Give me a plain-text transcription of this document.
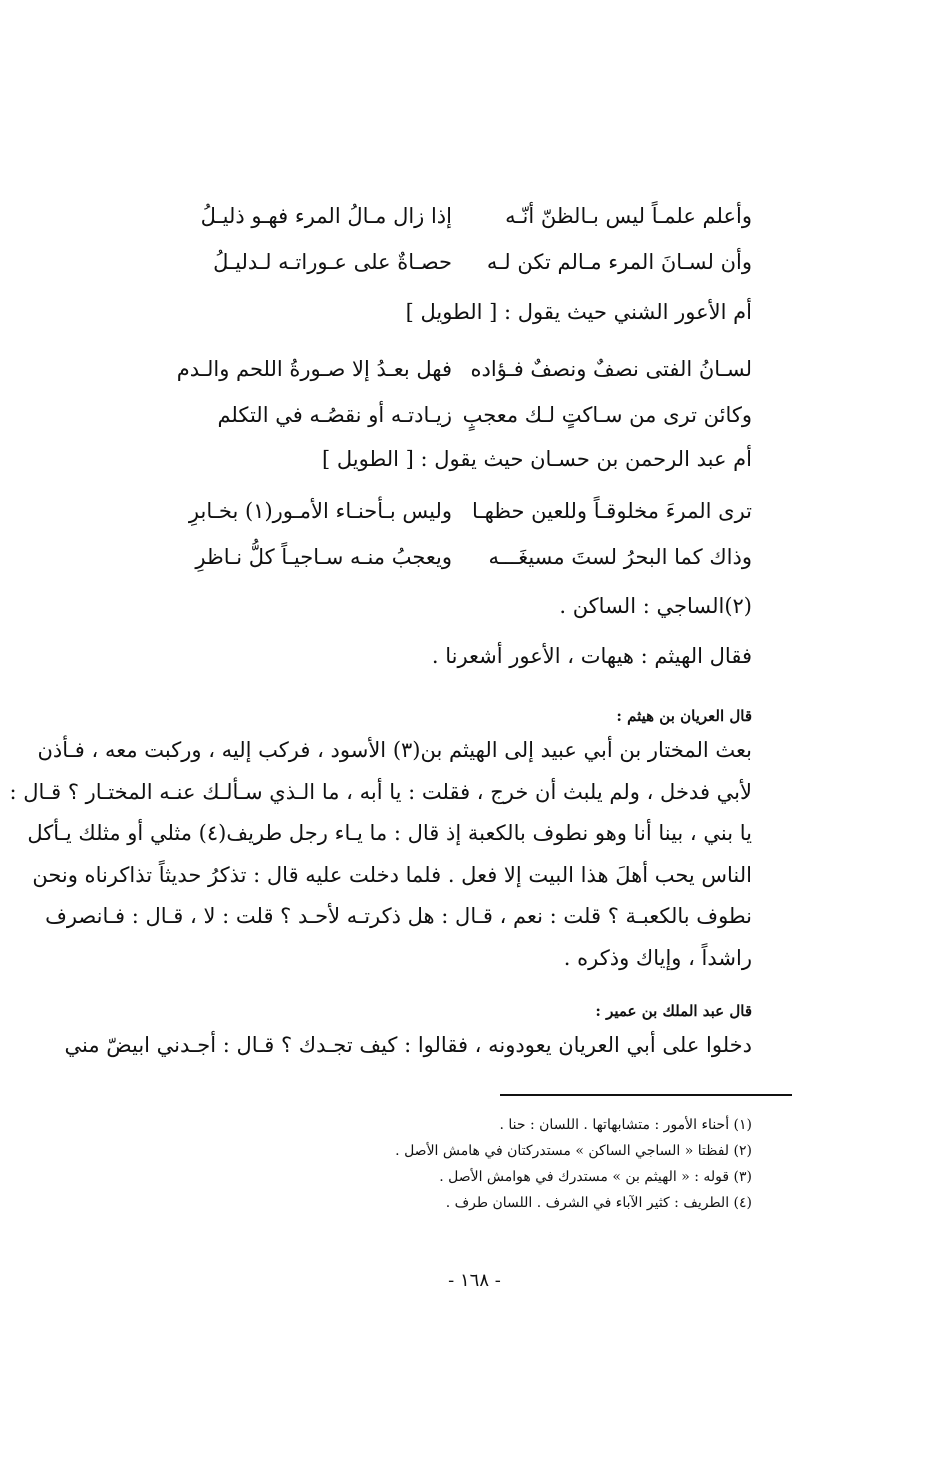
وأعلم علمـاً ليس بـالظنّ أنّـه
إذا زال مـالُ المرء فهـو ذليـلُ
وأن لسـانَ المرء مـالم تكن لـه
حصـاةٌ على عـوراتـه لـدليـلُ
أم الأعور الشني حيث يقول : [ الطويل ]
لسـانُ الفتى نصفٌ ونصفٌ فـؤاده
فهل بعـدُ إلا صـورةُ اللحم والـدم
وكائن ترى من سـاكتٍ لـك معجبٍ
زيـادتـه أو نقصُـه في التكلم
أم عبد الرحمن بن حسـان حيث يقول : [ الطويل ]
ترى المرءَ مخلوقـاً وللعين حظهـا
وليس بـأحنـاء الأمـور(١) بخـابرِ
وذاك كما البحرُ لستَ مسيغَـــه
ويعجبُ منـه سـاجيـاً كلُّ نـاظرِ
(٢)الساجي : الساكن .
فقال الهيثم : هيهات ، الأعور أشعرنا .
قال العريان بن هيثم :
بعث المختار بن أبي عبيد إلى الهيثم بن(٣) الأسود ، فركب إليه ، وركبت معه ، فـأذن
لأبي فدخل ، ولم يلبث أن خرج ، فقلت : يا أبه ، ما الـذي سـألـك عنـه المختـار ؟ قـال :
يا بني ، بينا أنا وهو نطوف بالكعبة إذ قال : ما يـاء رجل طريف(٤) مثلي أو مثلك يـأكل
الناس يحب أهلَ هذا البيت إلا فعل . فلما دخلت عليه قال : تذكرُ حديثاً تذاكرناه ونحن
نطوف بالكعبـة ؟ قلت : نعم ، قـال : هل ذكرتـه لأحـد ؟ قلت : لا ، قـال : فـانصرف
راشداً ، وإياك وذكره .
قال عبد الملك بن عمير :
دخلوا على أبي العريان يعودونه ، فقالوا : كيف تجـدك ؟ قـال : أجـدني ابيضّ مني
(١) أحناء الأمور : متشابهاتها . اللسان : حنا .
(٢) لفظتا « الساجي الساكن » مستدركتان في هامش الأصل .
(٣) قوله : « الهيثم بن » مستدرك في هوامش الأصل .
(٤) الطريف : كثير الآباء في الشرف . اللسان طرف .
- ١٦٨ -
